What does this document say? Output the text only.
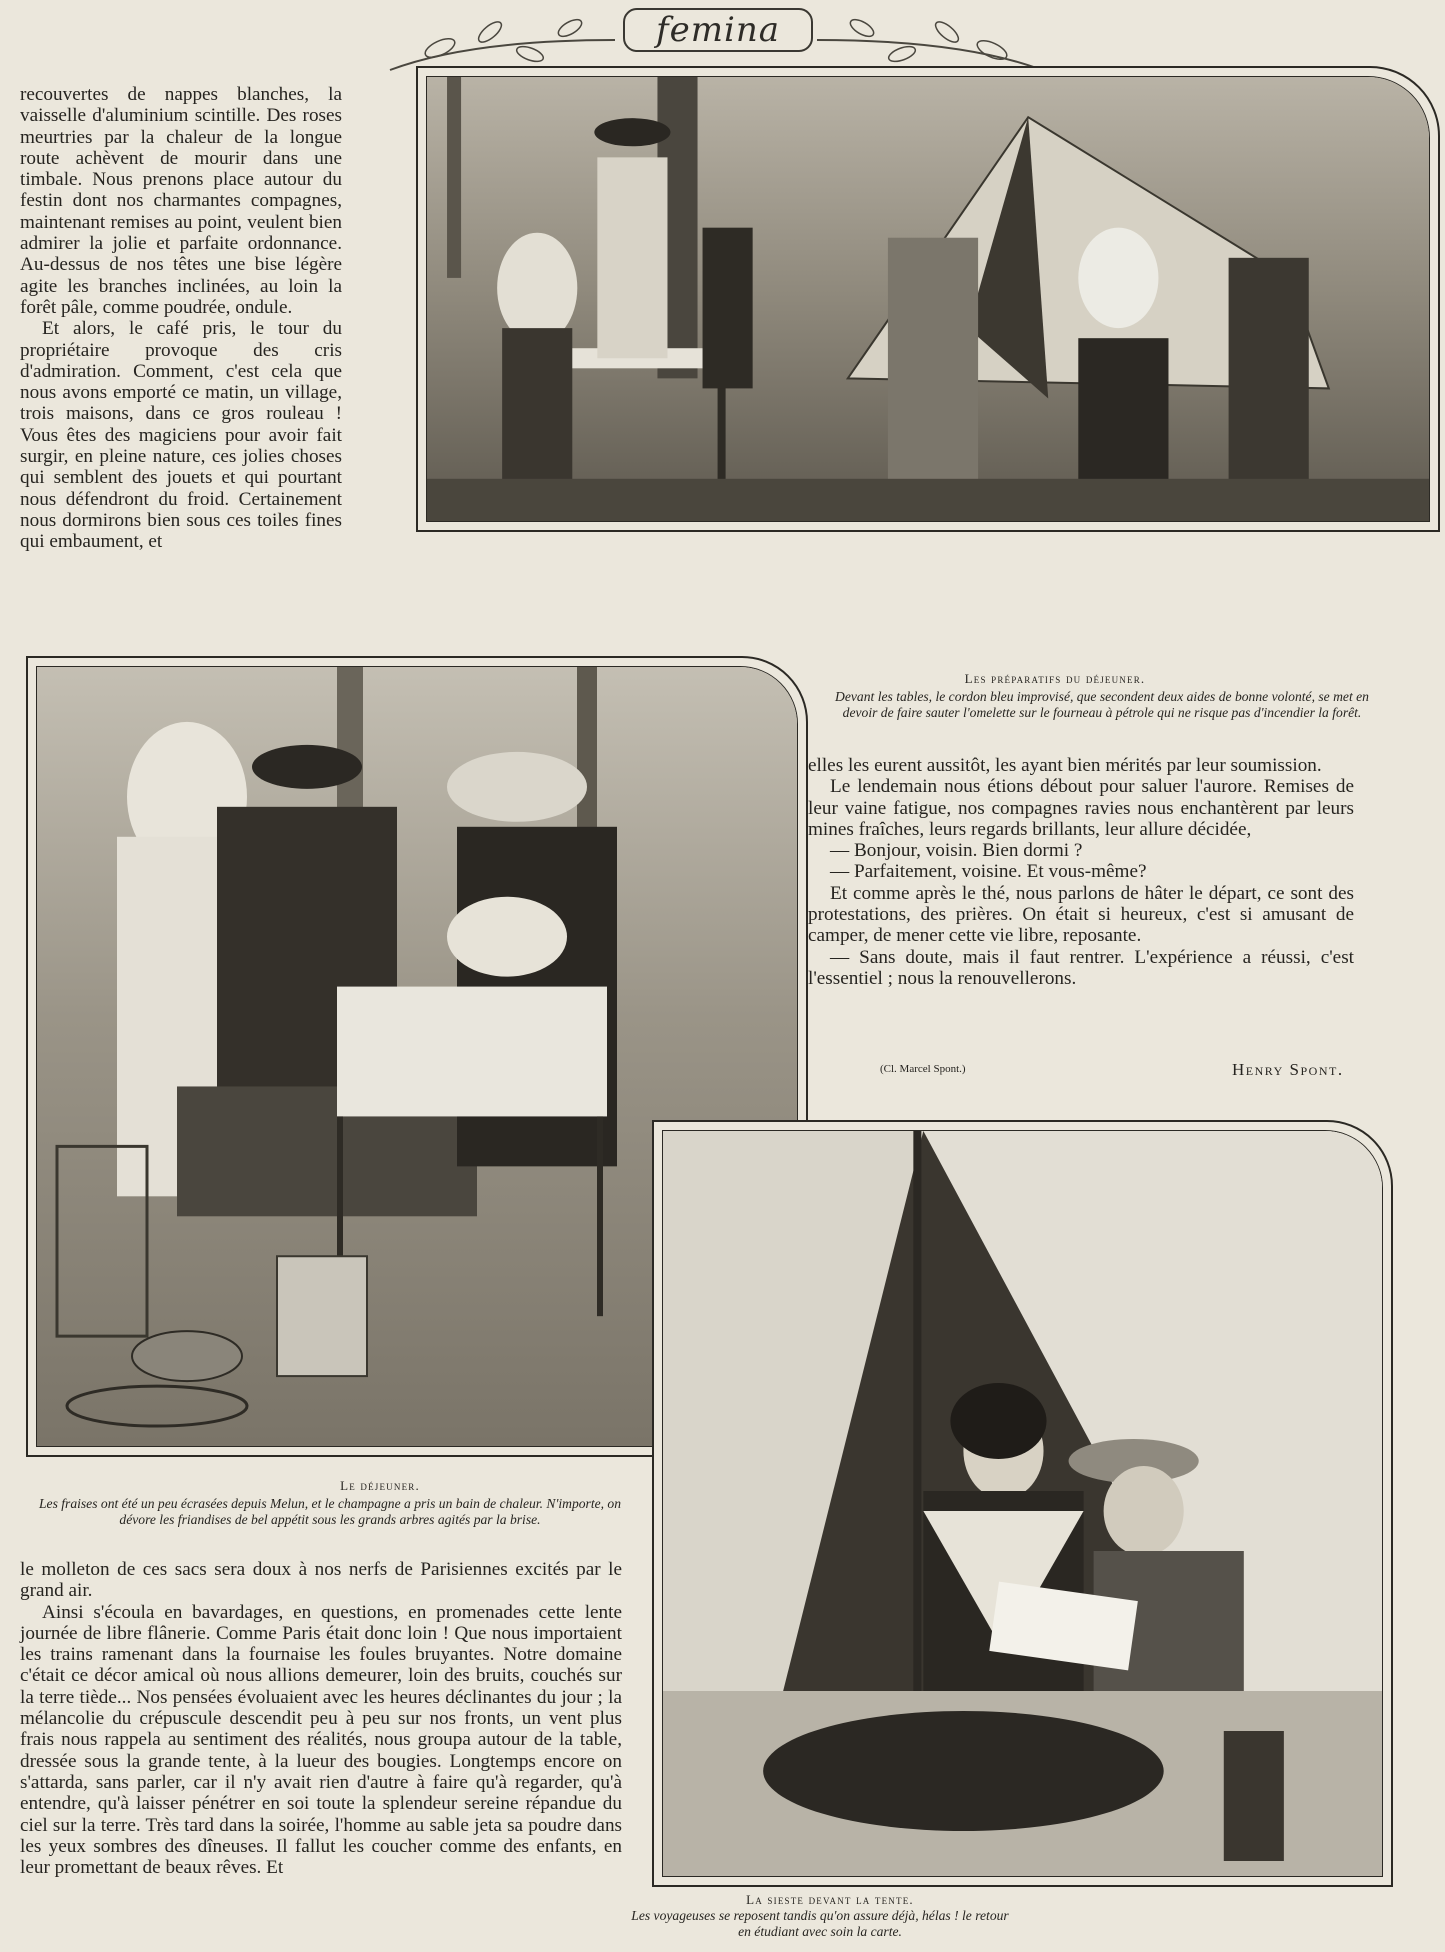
femina

recouvertes de nappes blanches, la vaisselle d'aluminium scintille. Des roses meurtries par la chaleur de la longue route achèvent de mourir dans une timbale. Nous prenons place autour du festin dont nos charmantes compagnes, maintenant remises au point, veulent bien admirer la jolie et parfaite ordonnance. Au-dessus de nos têtes une bise légère agite les branches inclinées, au loin la forêt pâle, comme poudrée, ondule.

Et alors, le café pris, le tour du propriétaire provoque des cris d'admiration. Comment, c'est cela que nous avons emporté ce matin, un village, trois maisons, dans ce gros rouleau ! Vous êtes des magiciens pour avoir fait surgir, en pleine nature, ces jolies choses qui semblent des jouets et qui pourtant nous défendront du froid. Certainement nous dormirons bien sous ces toiles fines qui embaument, et

Les préparatifs du déjeuner.
Devant les tables, le cordon bleu improvisé, que secondent deux aides de bonne volonté, se met en devoir de faire sauter l'omelette sur le fourneau à pétrole qui ne risque pas d'incendier la forêt.

elles les eurent aussitôt, les ayant bien mérités par leur soumission.

Le lendemain nous étions débout pour saluer l'aurore. Remises de leur vaine fatigue, nos compagnes ravies nous enchantèrent par leurs mines fraîches, leurs regards brillants, leur allure décidée,

— Bonjour, voisin. Bien dormi ?

— Parfaitement, voisine. Et vous-même?

Et comme après le thé, nous parlons de hâter le départ, ce sont des protestations, des prières. On était si heureux, c'est si amusant de camper, de mener cette vie libre, reposante.

— Sans doute, mais il faut rentrer. L'expérience a réussi, c'est l'essentiel ; nous la renouvellerons.

(Cl. Marcel Spont.)	Henry Spont.
Le déjeuner.
Les fraises ont été un peu écrasées depuis Melun, et le champagne a pris un bain de chaleur. N'importe, on dévore les friandises de bel appétit sous les grands arbres agités par la brise.

le molleton de ces sacs sera doux à nos nerfs de Parisiennes excités par le grand air.

Ainsi s'écoula en bavardages, en questions, en promenades cette lente journée de libre flânerie. Comme Paris était donc loin ! Que nous importaient les trains ramenant dans la fournaise les foules bruyantes. Notre domaine c'était ce décor amical où nous allions demeurer, loin des bruits, couchés sur la terre tiède... Nos pensées évoluaient avec les heures déclinantes du jour ; la mélancolie du crépuscule descendit peu à peu sur nos fronts, un vent plus frais nous rappela au sentiment des réalités, nous groupa autour de la table, dressée sous la grande tente, à la lueur des bougies. Longtemps encore on s'attarda, sans parler, car il n'y avait rien d'autre à faire qu'à regarder, qu'à entendre, qu'à laisser pénétrer en soi toute la splendeur sereine répandue du ciel sur la terre. Très tard dans la soirée, l'homme au sable jeta sa poudre dans les yeux sombres des dîneuses. Il fallut les coucher comme des enfants, en leur promettant de beaux rêves. Et

La sieste devant la tente.
Les voyageuses se reposent tandis qu'on assure déjà, hélas ! le retour en étudiant avec soin la carte.
